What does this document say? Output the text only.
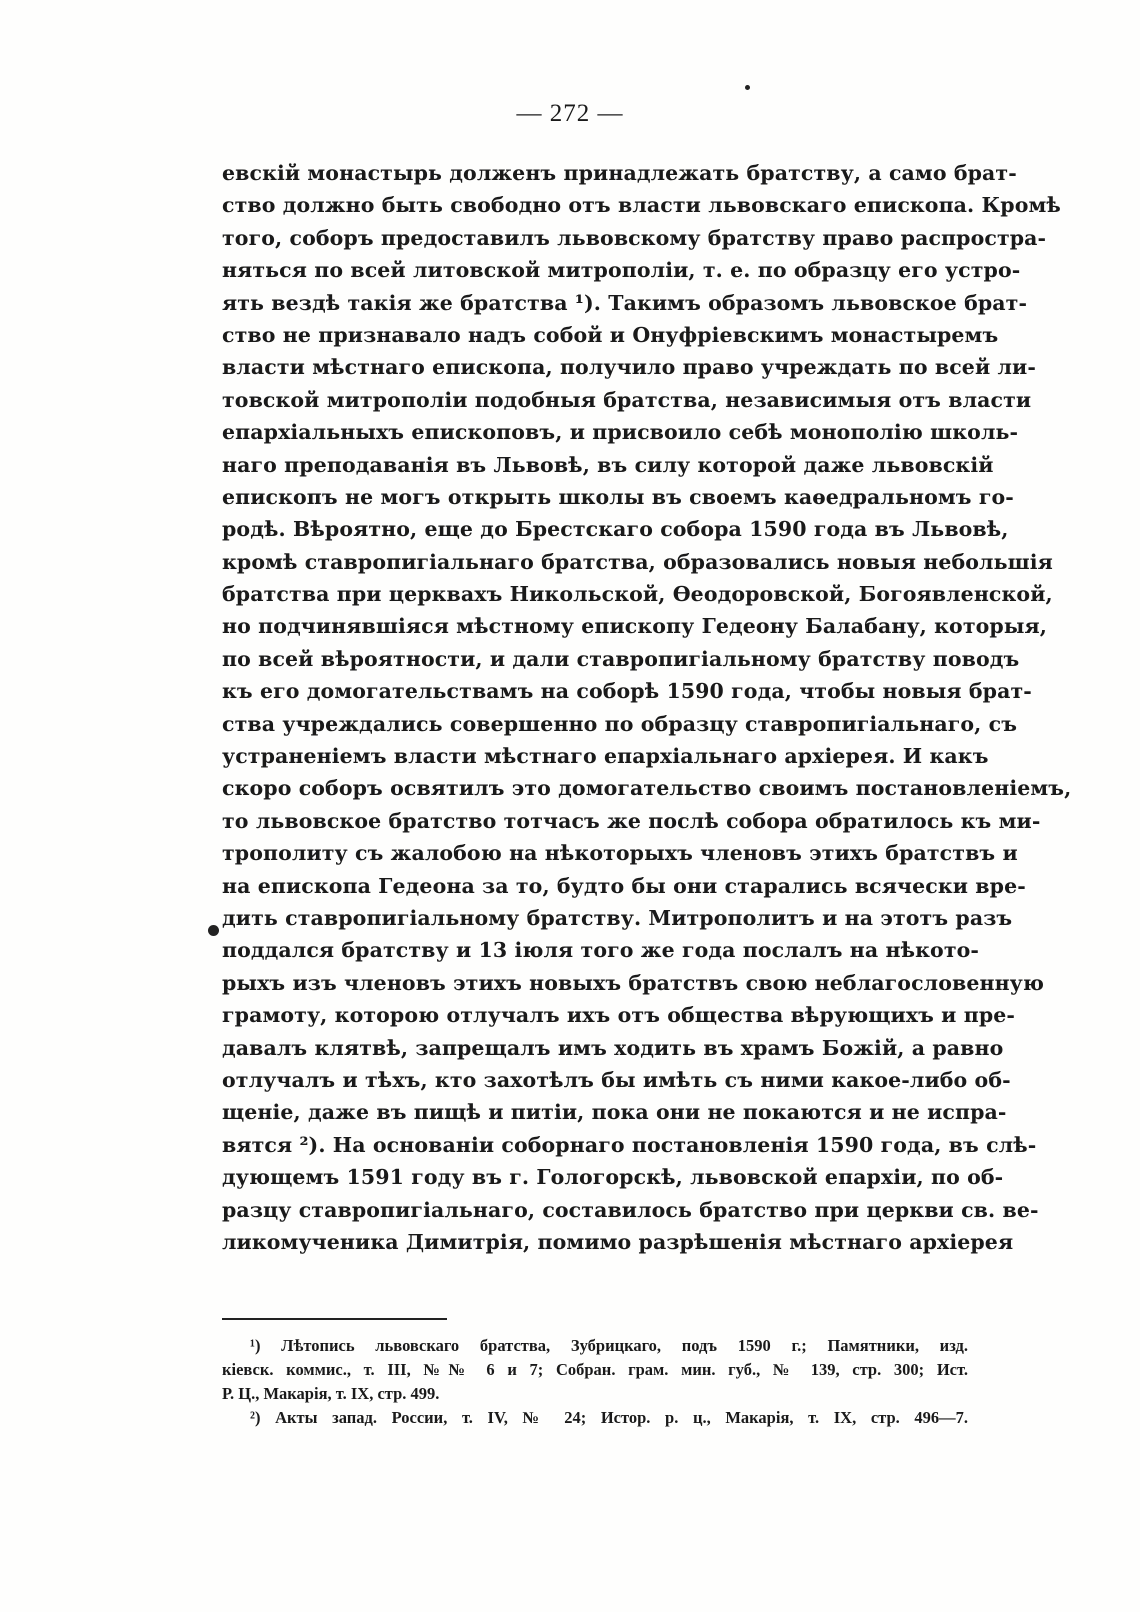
— 272 —
евскій монастырь долженъ принадлежать братству, а само брат-
ство должно быть свободно отъ власти львовскаго епископа. Кромѣ
того, соборъ предоставилъ львовскому братству право распростра-
няться по всей литовской митрополіи, т. е. по образцу его устро-
ять вездѣ такія же братства ¹). Такимъ образомъ львовское брат-
ство не признавало надъ собой и Онуфріевскимъ монастыремъ
власти мѣстнаго епископа, получило право учреждать по всей ли-
товской митрополіи подобныя братства, независимыя отъ власти
епархіальныхъ епископовъ, и присвоило себѣ монополію школь-
наго преподаванія въ Львовѣ, въ силу которой даже львовскій
епископъ не могъ открыть школы въ своемъ каѳедральномъ го-
родѣ. Вѣроятно, еще до Брестскаго собора 1590 года въ Львовѣ,
кромѣ ставропигіальнаго братства, образовались новыя небольшія
братства при церквахъ Никольской, Ѳеодоровской, Богоявленской,
но подчинявшіяся мѣстному епископу Гедеону Балабану, которыя,
по всей вѣроятности, и дали ставропигіальному братству поводъ
къ его домогательствамъ на соборѣ 1590 года, чтобы новыя брат-
ства учреждались совершенно по образцу ставропигіальнаго, съ
устраненіемъ власти мѣстнаго епархіальнаго архіерея. И какъ
скоро соборъ освятилъ это домогательство своимъ постановленіемъ,
то львовское братство тотчасъ же послѣ собора обратилось къ ми-
трополиту съ жалобою на нѣкоторыхъ членовъ этихъ братствъ и
на епископа Гедеона за то, будто бы они старались всячески вре-
дить ставропигіальному братству. Митрополитъ и на этотъ разъ
поддался братству и 13 іюля того же года послалъ на нѣкото-
рыхъ изъ членовъ этихъ новыхъ братствъ свою неблагословенную
грамоту, которою отлучалъ ихъ отъ общества вѣрующихъ и пре-
давалъ клятвѣ, запрещалъ имъ ходить въ храмъ Божій, а равно
отлучалъ и тѣхъ, кто захотѣлъ бы имѣть съ ними какое-либо об-
щеніе, даже въ пищѣ и питіи, пока они не покаются и не испра-
вятся ²). На основаніи соборнаго постановленія 1590 года, въ слѣ-
дующемъ 1591 году въ г. Гологорскѣ, львовской епархіи, по об-
разцу ставропигіальнаго, составилось братство при церкви св. ве-
ликомученика Димитрія, помимо разрѣшенія мѣстнаго архіерея
¹) Лѣтопись львовскаго братства, Зубрицкаго, подъ 1590 г.; Памятники, изд.
кіевск. коммис., т. III, №№ 6 и 7; Собран. грам. мин. губ., № 139, стр. 300; Ист.
Р. Ц., Макарія, т. IX, стр. 499.
²) Акты запад. России, т. IV, № 24; Истор. р. ц., Макарія, т. IX, стр. 496—7.
